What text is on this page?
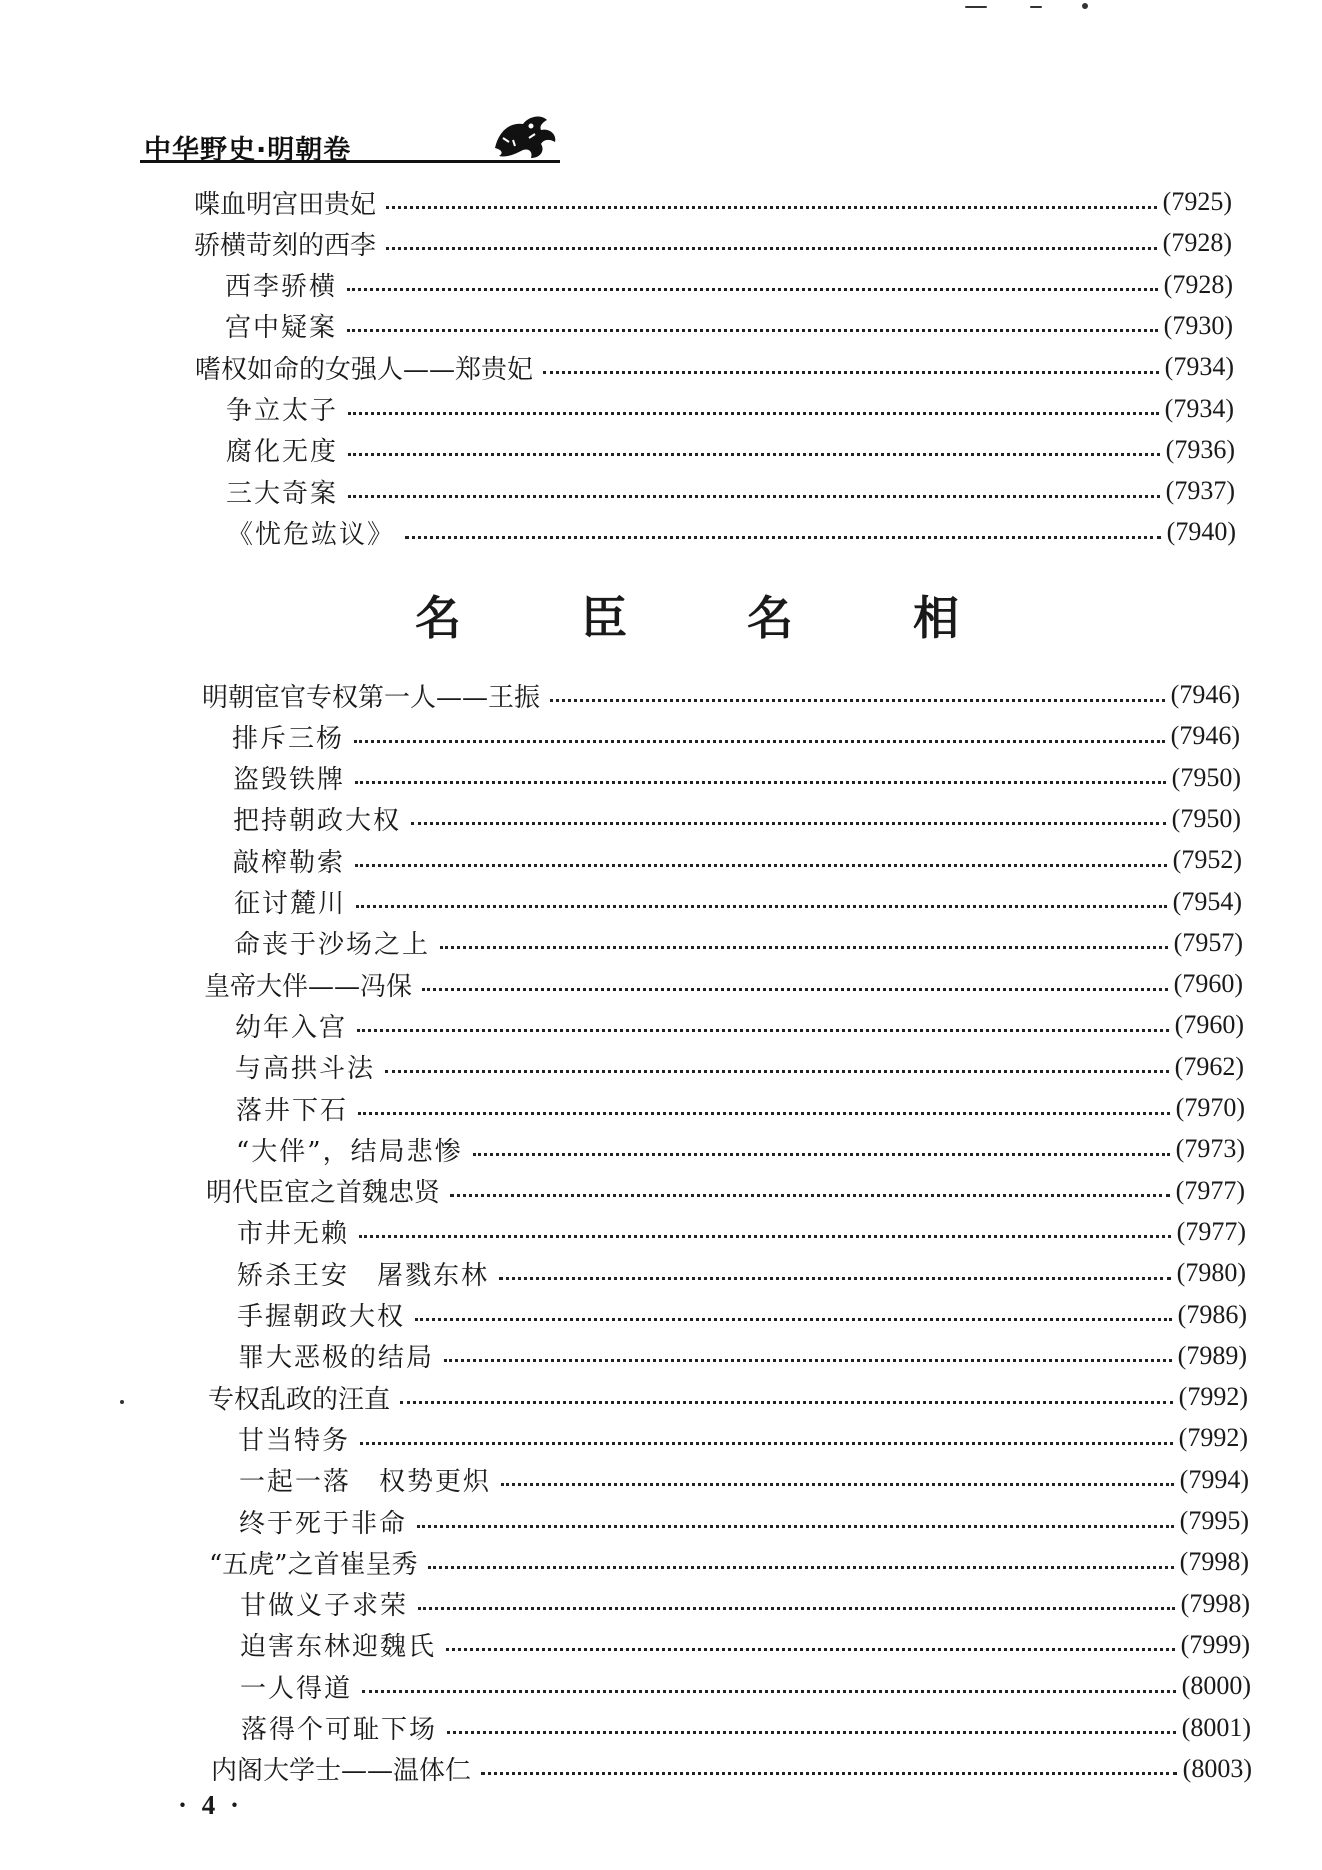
中华野史·明朝卷
喋血明宫田贵妃	(7925)
骄横苛刻的西李	(7928)
西李骄横	(7928)
宫中疑案	(7930)
嗜权如命的女强人——郑贵妃	(7934)
争立太子	(7934)
腐化无度	(7936)
三大奇案	(7937)
《忧危竑议》	(7940)
名 臣 名 相
明朝宦官专权第一人——王振	(7946)
排斥三杨	(7946)
盗毁铁牌	(7950)
把持朝政大权	(7950)
敲榨勒索	(7952)
征讨麓川	(7954)
命丧于沙场之上	(7957)
皇帝大伴——冯保	(7960)
幼年入宫	(7960)
与高拱斗法	(7962)
落井下石	(7970)
“大伴”，结局悲惨	(7973)
明代臣宦之首魏忠贤	(7977)
市井无赖	(7977)
矫杀王安　屠戮东林	(7980)
手握朝政大权	(7986)
罪大恶极的结局	(7989)
专权乱政的汪直	(7992)
甘当特务	(7992)
一起一落　权势更炽	(7994)
终于死于非命	(7995)
“五虎”之首崔呈秀	(7998)
甘做义子求荣	(7998)
迫害东林迎魏氏	(7999)
一人得道	(8000)
落得个可耻下场	(8001)
内阁大学士——温体仁	(8003)
· 4 ·
